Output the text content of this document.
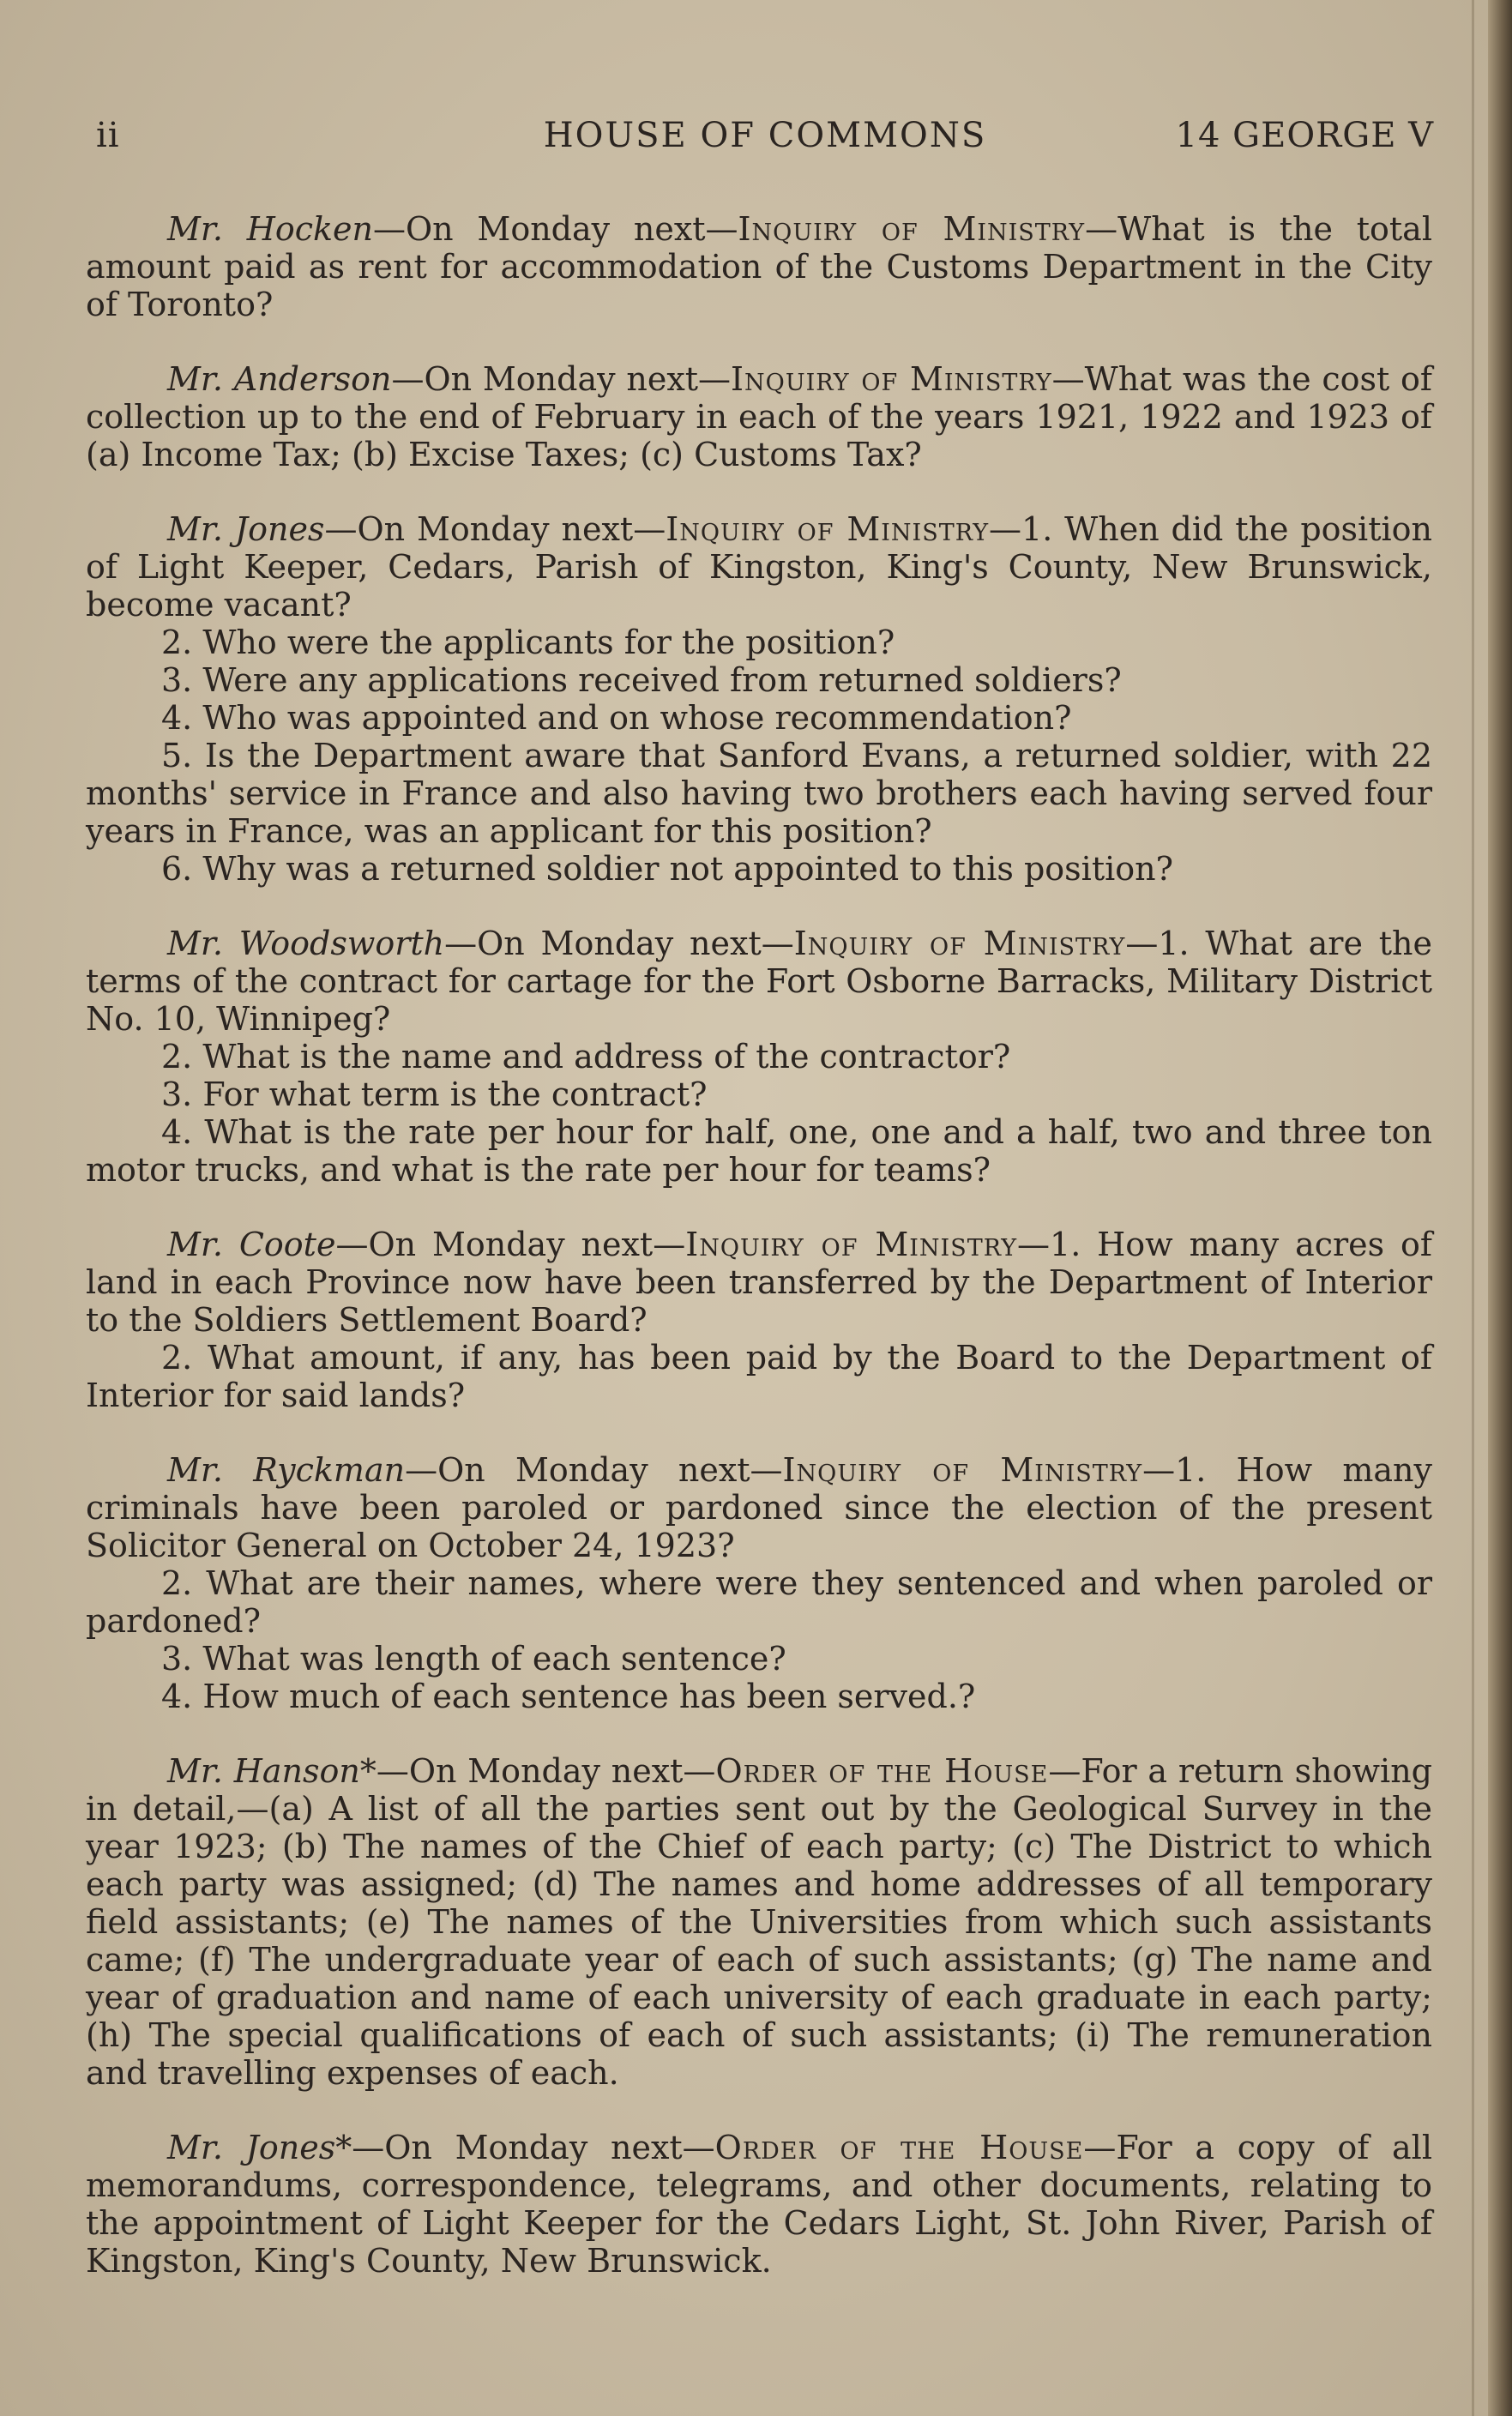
ii	HOUSE OF COMMONS	14 GEORGE V

Mr. Hocken—On Monday next—Inquiry of Ministry—What is the total amount paid as rent for accommodation of the Customs Department in the City of Toronto?

Mr. Anderson—On Monday next—Inquiry of Ministry—What was the cost of collection up to the end of February in each of the years 1921, 1922 and 1923 of (a) Income Tax; (b) Excise Taxes; (c) Customs Tax?

Mr. Jones—On Monday next—Inquiry of Ministry—1. When did the position of Light Keeper, Cedars, Parish of Kingston, King's County, New Brunswick, become vacant?

2. Who were the applicants for the position?

3. Were any applications received from returned soldiers?

4. Who was appointed and on whose recommendation?

5. Is the Department aware that Sanford Evans, a returned soldier, with 22 months' service in France and also having two brothers each having served four years in France, was an applicant for this position?

6. Why was a returned soldier not appointed to this position?

Mr. Woodsworth—On Monday next—Inquiry of Ministry—1. What are the terms of the contract for cartage for the Fort Osborne Barracks, Military District No. 10, Winnipeg?

2. What is the name and address of the contractor?

3. For what term is the contract?

4. What is the rate per hour for half, one, one and a half, two and three ton motor trucks, and what is the rate per hour for teams?

Mr. Coote—On Monday next—Inquiry of Ministry—1. How many acres of land in each Province now have been transferred by the Department of Interior to the Soldiers Settlement Board?

2. What amount, if any, has been paid by the Board to the Department of Interior for said lands?

Mr. Ryckman—On Monday next—Inquiry of Ministry—1. How many criminals have been paroled or pardoned since the election of the present Solicitor General on October 24, 1923?

2. What are their names, where were they sentenced and when paroled or pardoned?

3. What was length of each sentence?

4. How much of each sentence has been served.?

Mr. Hanson*—On Monday next—Order of the House—For a return showing in detail,—(a) A list of all the parties sent out by the Geological Survey in the year 1923; (b) The names of the Chief of each party; (c) The District to which each party was assigned; (d) The names and home addresses of all temporary field assistants; (e) The names of the Universities from which such assistants came; (f) The undergraduate year of each of such assistants; (g) The name and year of graduation and name of each university of each graduate in each party; (h) The special qualifications of each of such assistants; (i) The remuneration and travelling expenses of each.

Mr. Jones*—On Monday next—Order of the House—For a copy of all memorandums, correspondence, telegrams, and other documents, relating to the appointment of Light Keeper for the Cedars Light, St. John River, Parish of Kingston, King's County, New Brunswick.
